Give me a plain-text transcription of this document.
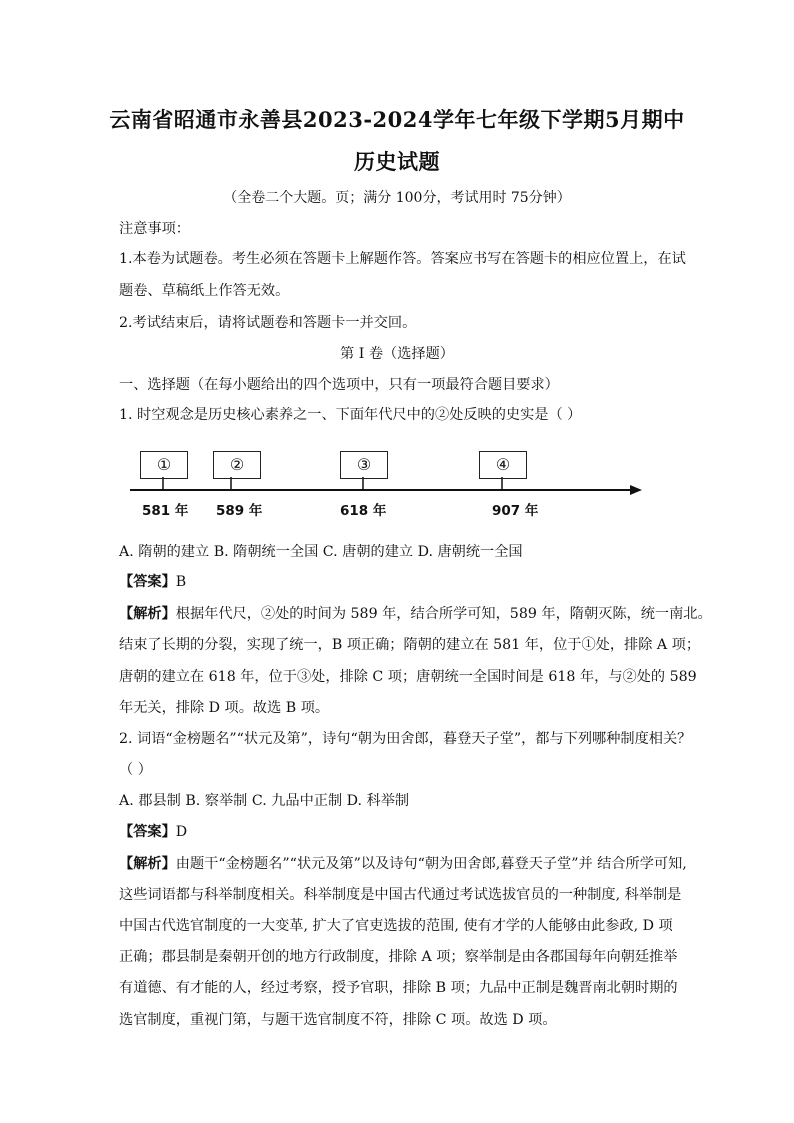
云南省昭通市永善县2023-2024学年七年级下学期5月期中
历史试题
（全卷二个大题。页；满分 100分，考试用时 75分钟）
注意事项：
1.本卷为试题卷。考生必须在答题卡上解题作答。答案应书写在答题卡的相应位置上，在试
题卷、草稿纸上作答无效。
2.考试结束后，请将试题卷和答题卡一并交回。
第 I 卷（选择题）
一、选择题（在每小题给出的四个选项中，只有一项最符合题目要求）
1. 时空观念是历史核心素养之一、下面年代尺中的②处反映的史实是（ ）
①	②	③	④
581 年 589 年	618 年	907 年
A. 隋朝的建立 B. 隋朝统一全国 C. 唐朝的建立 D. 唐朝统一全国
【答案】B
【解析】根据年代尺，②处的时间为 589 年，结合所学可知，589 年，隋朝灭陈，统一南北。
结束了长期的分裂，实现了统一，B 项正确；隋朝的建立在 581 年，位于①处，排除 A 项；
唐朝的建立在 618 年，位于③处，排除 C 项；唐朝统一全国时间是 618 年，与②处的 589
年无关，排除 D 项。故选 B 项。
2. 词语“金榜题名”“状元及第”，诗句“朝为田舍郎，暮登天子堂”，都与下列哪种制度相关？
（ ）
A. 郡县制 B. 察举制 C. 九品中正制 D. 科举制
【答案】D
【解析】由题干“金榜题名”“状元及第”以及诗句“朝为田舍郎,暮登天子堂”并 结合所学可知,
这些词语都与科举制度相关。科举制度是中国古代通过考试选拔官员的一种制度, 科举制是
中国古代选官制度的一大变革, 扩大了官吏选拔的范围, 使有才学的人能够由此参政, D 项
正确；郡县制是秦朝开创的地方行政制度，排除 A 项；察举制是由各郡国每年向朝廷推举
有道德、有才能的人，经过考察，授予官职，排除 B 项；九品中正制是魏晋南北朝时期的
选官制度，重视门第，与题干选官制度不符，排除 C 项。故选 D 项。
